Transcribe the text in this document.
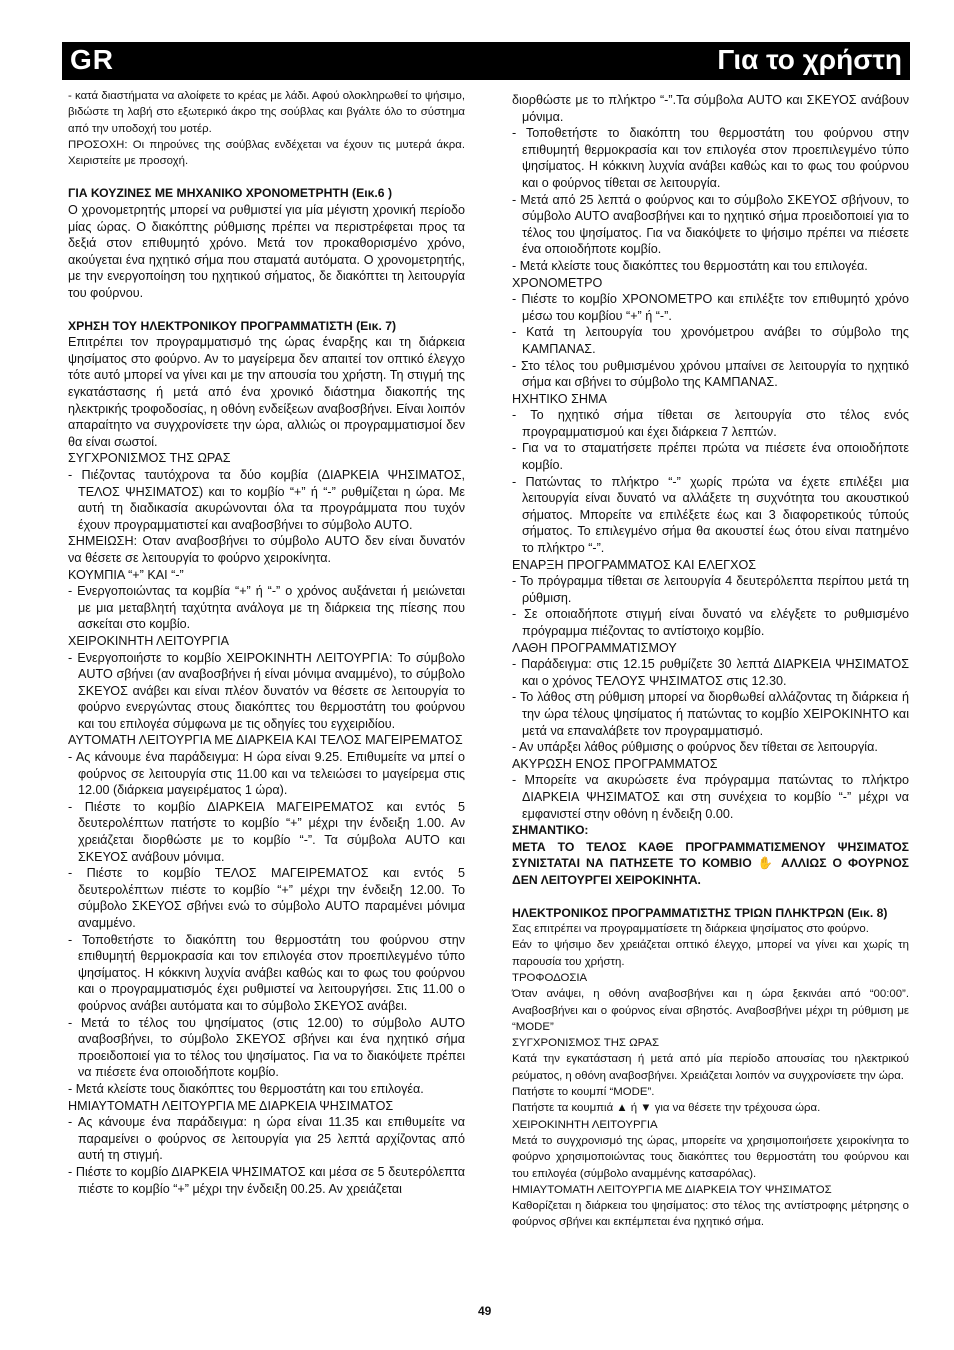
GR	Για το χρήστη

- κατά διαστήματα να αλοίφετε το κρέας με λάδι. Αφού ολοκληρωθεί το ψήσιμο, βιδώστε τη λαβή στο εξωτερικό άκρο της σούβλας και βγάλτε όλο το σύστημα από την υποδοχή του μοτέρ.

ΠΡΟΣΟΧΗ: Οι πηρούνες της σούβλας ενδέχεται να έχουν τις μυτερά άκρα. Χειριστείτε με προσοχή.

ΓΙΑ ΚΟΥΖΙΝΕΣ ΜΕ ΜΗΧΑΝΙΚΟ ΧΡΟΝΟΜΕΤΡΗΤΗ (Εικ.6 )

Ο χρονομετρητής μπορεί να ρυθμιστεί για μία μέγιστη χρονική περίοδο μίας ώρας. Ο διακόπτης ρύθμισης πρέπει να περιστρέφεται προς τα δεξιά στον επιθυμητό χρόνο. Μετά τον προκαθορισμένο χρόνο, ακούγεται ένα ηχητικό σήμα που σταματά αυτόματα. Ο χρονομετρητής, με την ενεργοποίηση του ηχητικού σήματος, δε διακόπτει τη λειτουργία του φούρνου.

ΧΡΗΣΗ ΤΟΥ ΗΛΕΚΤΡΟΝΙΚΟΥ ΠΡΟΓΡΑΜΜΑΤΙΣΤΗ (Εικ. 7)

Επιτρέπει τον προγραμματισμό της ώρας έναρξης και τη διάρκεια ψησίματος στο φούρνο. Αν το μαγείρεμα δεν απαιτεί τον οπτικό έλεγχο τότε αυτό μπορεί να γίνει και με την απουσία του χρήστη. Τη στιγμή της εγκατάστασης ή μετά από ένα χρονικό διάστημα διακοπής της ηλεκτρικής τροφοδοσίας, η οθόνη ενδείξεων αναβοσβήνει. Είναι λοιπόν απαραίτητο να συγχρονίσετε την ώρα, αλλιώς οι προγραμματισμοί δεν θα είναι σωστοί.

ΣΥΓΧΡΟΝΙΣΜΟΣ ΤΗΣ ΩΡΑΣ

- Πιέζοντας ταυτόχρονα τα δύο κομβία (ΔΙΑΡΚΕΙΑ ΨΗΣΙΜΑΤΟΣ, ΤΕΛΟΣ ΨΗΣΙΜΑΤΟΣ) και το κομβίο “+” ή “-” ρυθμίζεται η ώρα. Με αυτή τη διαδικασία ακυρώνονται όλα τα προγράμματα που τυχόν έχουν προγραμματιστεί και αναβοσβήνει το σύμβολο AUTO.

ΣΗΜΕΙΩΣΗ: Οταν αναβοσβήνει το σύμβολο AUTO δεν είναι δυνατόν να θέσετε σε λειτουργία το φούρνο χειροκίνητα.

ΚΟΥΜΠΙΑ “+” ΚΑΙ “-”

- Ενεργοποιώντας τα κομβία “+” ή “-” ο χρόνος αυξάνεται ή μειώνεται με μια μεταβλητή ταχύτητα ανάλογα με τη διάρκεια της πίεσης που ασκείται στο κομβίο.

ΧΕΙΡΟΚΙΝΗΤΗ ΛΕΙΤΟΥΡΓΙΑ

- Ενεργοποιήστε το κομβίο ΧΕΙΡΟΚΙΝΗΤΗ ΛΕΙΤΟΥΡΓΙΑ: Το σύμβολο AUTO σβήνει (αν αναβοσβήνει ή είναι μόνιμα αναμμένο), το σύμβολο ΣΚΕΥΟΣ ανάβει και είναι πλέον δυνατόν να θέσετε σε λειτουργία το φούρνο ενεργώντας στους διακόπτες του θερμοστάτη του φούρνου και του επιλογέα σύμφωνα με τις οδηγίες του εγχειριδίου.

ΑΥΤΟΜΑΤΗ ΛΕΙΤΟΥΡΓΙΑ ΜΕ ΔΙΑΡΚΕΙΑ ΚΑΙ ΤΕΛΟΣ ΜΑΓΕΙΡΕΜΑΤΟΣ

- Ας κάνουμε ένα παράδειγμα: Η ώρα είναι 9.25. Επιθυμείτε να μπεί ο φούρνος σε λειτουργία στις 11.00 και να τελειώσει το μαγείρεμα στις 12.00 (διάρκεια μαγειρέματος 1 ώρα).

- Πιέστε το κομβίο ΔΙΑΡΚΕΙΑ ΜΑΓΕΙΡΕΜΑΤΟΣ και εντός 5 δευτερολέπτων πατήστε το κομβίο “+” μέχρι την ένδειξη 1.00. Αν χρειάζεται διορθώστε με το κομβίο “-”. Τα σύμβολα AUTO και ΣΚΕΥΟΣ ανάβουν μόνιμα.

- Πιέστε το κομβίο ΤΕΛΟΣ ΜΑΓΕΙΡΕΜΑΤΟΣ και εντός 5 δευτερολέπτων πιέστε το κομβίο “+” μέχρι την ένδειξη 12.00. Το σύμβολο ΣΚΕΥΟΣ σβήνει ενώ το σύμβολο AUTO παραμένει μόνιμα αναμμένο.

- Τοποθετήστε το διακόπτη του θερμοστάτη του φούρνου στην επιθυμητή θερμοκρασία και τον επιλογέα στον προεπιλεγμένο τύπο ψησίματος. Η κόκκινη λυχνία ανάβει καθώς και το φως του φούρνου και ο προγραμματισμός έχει ρυθμιστεί να λειτουργήσει. Στις 11.00 ο φούρνος ανάβει αυτόματα και το σύμβολο ΣΚΕΥΟΣ ανάβει.

- Μετά το τέλος του ψησίματος (στις 12.00) το σύμβολο AUTO αναβοσβήνει, το σύμβολο ΣΚΕΥΟΣ σβήνει και ένα ηχητικό σήμα προειδοποιεί για το τέλος του ψησίματος. Για να το διακόψετε πρέπει να πιέσετε ένα οποιοδήποτε κομβίο.

- Μετά κλείστε τους διακόπτες του θερμοστάτη και του επιλογέα.

ΗΜΙΑΥΤΟΜΑΤΗ ΛΕΙΤΟΥΡΓΙΑ ΜΕ ΔΙΑΡΚΕΙΑ ΨΗΣΙΜΑΤΟΣ

- Ας κάνουμε ένα παράδειγμα: η ώρα είναι 11.35 και επιθυμείτε να παραμείνει ο φούρνος σε λειτουργία για 25 λεπτά αρχίζοντας από αυτή τη στιγμή.

- Πιέστε το κομβίο ΔΙΑΡΚΕΙΑ ΨΗΣΙΜΑΤΟΣ και μέσα σε 5 δευτερόλεπτα πιέστε το κομβίο “+” μέχρι την ένδειξη 00.25. Αν χρειάζεται

διορθώστε με το πλήκτρο “-”.Τα σύμβολα AUTO και ΣΚΕΥΟΣ ανάβουν μόνιμα.

- Τοποθετήστε το διακόπτη του θερμοστάτη του φούρνου στην επιθυμητή θερμοκρασία και τον επιλογέα στον προεπιλεγμένο τύπο ψησίματος. Η κόκκινη λυχνία ανάβει καθώς και το φως του φούρνου και ο φούρνος τίθεται σε λειτουργία.

- Μετά από 25 λεπτά ο φούρνος και το σύμβολο ΣΚΕΥΟΣ σβήνουν, το σύμβολο AUTO αναβοσβήνει και το ηχητικό σήμα προειδοποιεί για το τέλος του ψησίματος. Για να διακόψετε το ψήσιμο πρέπει να πιέσετε ένα οποιοδήποτε κομβίο.

- Μετά κλείστε τους διακόπτες του θερμοστάτη και του επιλογέα.

ΧΡΟΝΟΜΕΤΡΟ

- Πιέστε το κομβίο ΧΡΟΝΟΜΕΤΡΟ και επιλέξτε τον επιθυμητό χρόνο μέσω του κομβίου “+” ή “-”.

- Κατά τη λειτουργία του χρονόμετρου ανάβει το σύμβολο της ΚΑΜΠΑΝΑΣ.

- Στο τέλος του ρυθμισμένου χρόνου μπαίνει σε λειτουργία το ηχητικό σήμα και σβήνει το σύμβολο της ΚΑΜΠΑΝΑΣ.

ΗΧΗΤΙΚΟ ΣΗΜΑ

- Το ηχητικό σήμα τίθεται σε λειτουργία στο τέλος ενός προγραμματισμού και έχει διάρκεια 7 λεπτών.

- Για να το σταματήσετε πρέπει πρώτα να πιέσετε ένα οποιοδήποτε κομβίο.

- Πατώντας το πλήκτρο “-” χωρίς πρώτα να έχετε επιλέξει μια λειτουργία είναι δυνατό να αλλάξετε τη συχνότητα του ακουστικού σήματος. Μπορείτε να επιλέξετε έως και 3 διαφορετικούς τύπούς σήματος. Το επιλεγμένο σήμα θα ακουστεί έως ότου είναι πατημένο το πλήκτρο “-”.

ΕΝΑΡΞΗ ΠΡΟΓΡΑΜΜΑΤΟΣ ΚΑΙ ΕΛΕΓΧΟΣ

- Το πρόγραμμα τίθεται σε λειτουργία 4 δευτερόλεπτα περίπου μετά τη ρύθμιση.

- Σε οποιαδήποτε στιγμή είναι δυνατό να ελέγξετε το ρυθμισμένο πρόγραμμα πιέζοντας το αντίστοιχο κομβίο.

ΛΑΘΗ ΠΡΟΓΡΑΜΜΑΤΙΣΜΟΥ

- Παράδειγμα: στις 12.15 ρυθμίζετε 30 λεπτά ΔΙΑΡΚΕΙΑ ΨΗΣΙΜΑΤΟΣ και ο χρόνος ΤΕΛΟΥΣ ΨΗΣΙΜΑΤΟΣ στις 12.30.

- Το λάθος στη ρύθμιση μπορεί να διορθωθεί αλλάζοντας τη διάρκεια ή την ώρα τέλους ψησίματος ή πατώντας το κομβίο ΧΕΙΡΟΚΙΝΗΤΟ και μετά να επαναλάβετε τον προγραμματισμό.

- Αν υπάρξει λάθος ρύθμισης ο φούρνος δεν τίθεται σε λειτουργία.

ΑΚΥΡΩΣΗ ΕΝΟΣ ΠΡΟΓΡΑΜΜΑΤΟΣ

- Μπορείτε να ακυρώσετε ένα πρόγραμμα πατώντας το πλήκτρο ΔΙΑΡΚΕΙΑ ΨΗΣΙΜΑΤΟΣ και στη συνέχεια το κομβίο “-” μέχρι να εμφανιστεί στην οθόνη η ένδειξη 0.00.

ΣΗΜΑΝΤΙΚΟ:

ΜΕΤΑ ΤΟ ΤΕΛΟΣ ΚΑΘΕ ΠΡΟΓΡΑΜΜΑΤΙΣΜΕΝΟΥ ΨΗΣΙΜΑΤΟΣ ΣΥΝΙΣΤΑΤΑΙ ΝΑ ΠΑΤΗΣΕΤΕ ΤΟ ΚΟΜΒΙΟ ✋ ΑΛΛΙΩΣ Ο ΦΟΥΡΝΟΣ ΔΕΝ ΛΕΙΤΟΥΡΓΕΙ ΧΕΙΡΟΚΙΝΗΤΑ.

ΗΛΕΚΤΡΟΝΙΚΟΣ ΠΡΟΓΡΑΜΜΑΤΙΣΤΗΣ ΤΡΙΩΝ ΠΛΗΚΤΡΩΝ (Εικ. 8)

Σας επιτρέπει να προγραμματίσετε τη διάρκεια ψησίματος στο φούρνο.

Εάν το ψήσιμο δεν χρειάζεται οπτικό έλεγχο, μπορεί να γίνει και χωρίς τη παρουσία του χρήστη.

ΤΡΟΦΟΔΟΣΙΑ

Όταν ανάψει, η οθόνη αναβοσβήνει και η ώρα ξεκινάει από “00:00”. Αναβοσβήνει και ο φούρνος είναι σβηστός. Αναβοσβήνει μέχρι τη ρύθμιση με “MODE”

ΣΥΓΧΡΟΝΙΣΜΟΣ ΤΗΣ ΩΡΑΣ

Κατά την εγκατάσταση ή μετά από μία περίοδο απουσίας του ηλεκτρικού ρεύματος, η οθόνη αναβοσβήνει. Χρειάζεται λοιπόν να συγχρονίσετε την ώρα.

Πατήστε το κουμπί “MODE”.

Πατήστε τα κουμπιά ▲ ή ▼ για να θέσετε την τρέχουσα ώρα.

ΧΕΙΡΟΚΙΝΗΤΗ ΛΕΙΤΟΥΡΓΙΑ

Μετά το συγχρονισμό της ώρας, μπορείτε να χρησιμοποιήσετε χειροκίνητα το φούρνο χρησιμοποιώντας τους διακόπτες του θερμοστάτη του φούρνου και του επιλογέα (σύμβολο αναμμένης κατσαρόλας).

ΗΜΙΑΥΤΟΜΑΤΗ ΛΕΙΤΟΥΡΓΙΑ ΜΕ ΔΙΑΡΚΕΙΑ ΤΟΥ ΨΗΣΙΜΑΤΟΣ

Καθορίζεται η διάρκεια του ψησίματος: στο τέλος της αντίστροφης μέτρησης ο φούρνος σβήνει και εκπέμπεται ένα ηχητικό σήμα.

49
